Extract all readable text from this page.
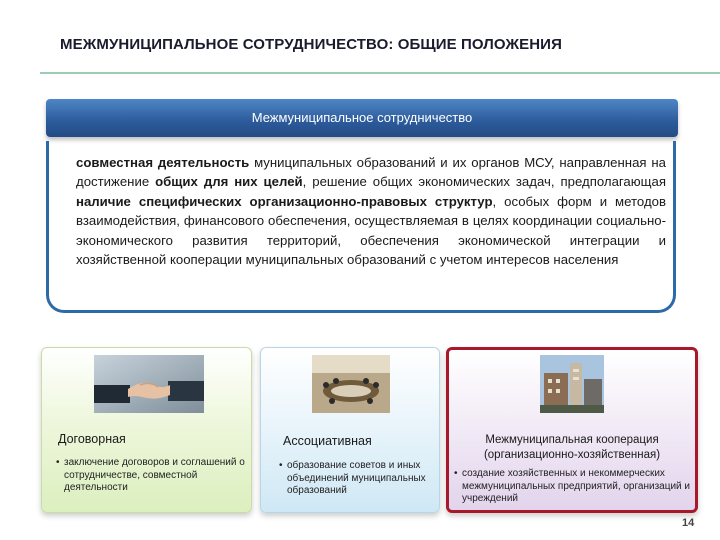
МЕЖМУНИЦИПАЛЬНОЕ СОТРУДНИЧЕСТВО: ОБЩИЕ ПОЛОЖЕНИЯ
Межмуниципальное сотрудничество
совместная деятельность муниципальных образований и их органов МСУ, направленная на достижение общих для них целей, решение общих экономических задач, предполагающая наличие специфических организационно-правовых структур, особых форм и методов взаимодействия, финансового обеспечения, осуществляемая в целях координации социально-экономического развития территорий, обеспечения экономической интеграции и хозяйственной кооперации муниципальных образований с учетом интересов населения
Договорная
• заключение договоров и соглашений о сотрудничестве, совместной деятельности
Ассоциативная
• образование советов и иных объединений муниципальных образований
Межмуниципальная кооперация (организационно-хозяйственная)
• создание хозяйственных и некоммерческих межмуниципальных предприятий, организаций и учреждений
14
